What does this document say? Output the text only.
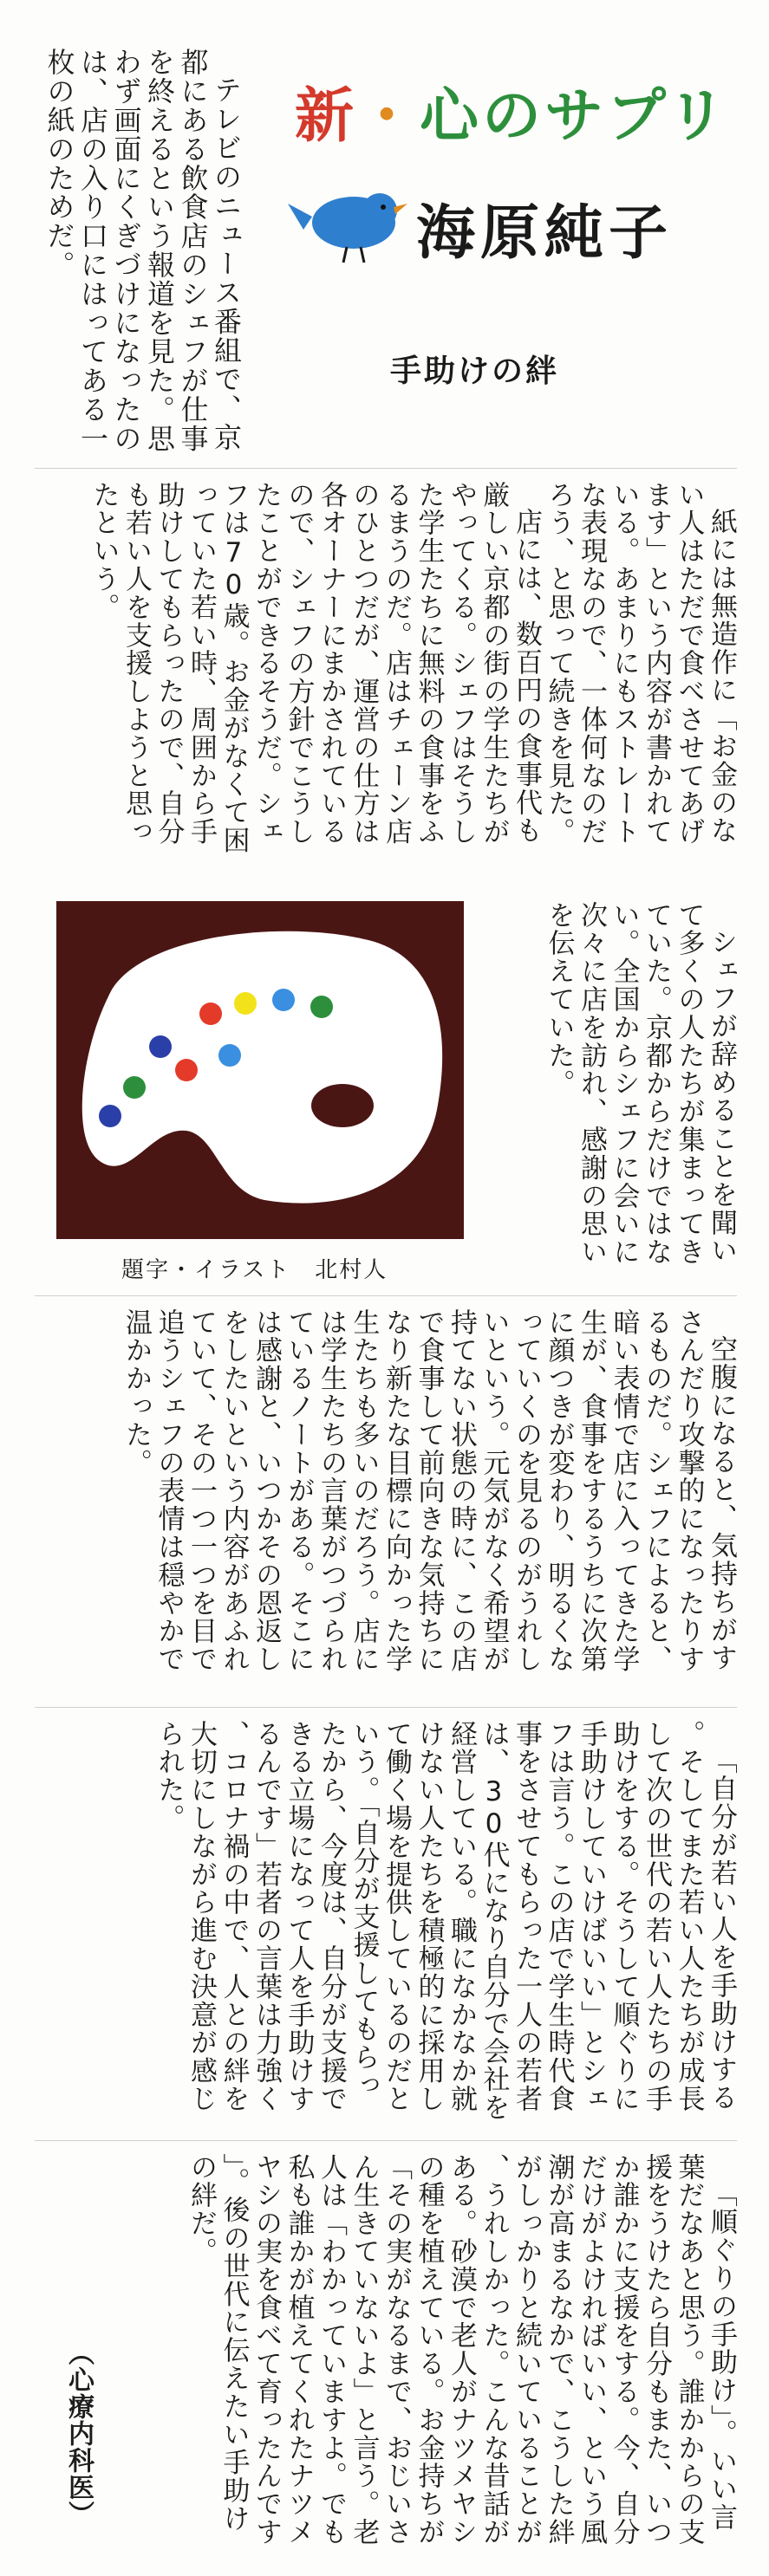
新・心のサプリ
海原純子
手助けの絆

テレビのニュース番組で、京都にある飲食店のシェフが仕事を終えるという報道を見た。思わず画面にくぎづけになったのは、店の入り口にはってある一枚の紙のためだ。

紙には無造作に「お金のない人はただで食べさせてあげます」という内容が書かれている。あまりにもストレートな表現なので、一体何なのだろう、と思って続きを見た。

店には、数百円の食事代も厳しい京都の街の学生たちがやってくる。シェフはそうした学生たちに無料の食事をふるまうのだ。店はチェーン店のひとつだが、運営の仕方は各オーナーにまかされているので、シェフの方針でこうしたことができるそうだ。シェフは70歳。お金がなくて困っていた若い時、周囲から手助けしてもらったので、自分も若い人を支援しようと思ったという。

シェフが辞めることを聞いて多くの人たちが集まってきていた。京都からだけではない。全国からシェフに会いに次々に店を訪れ、感謝の思いを伝えていた。

題字・イラスト　北村人

空腹になると、気持ちがすさんだり攻撃的になったりするものだ。シェフによると、暗い表情で店に入ってきた学生が、食事をするうちに次第に顔つきが変わり、明るくなっていくのを見るのがうれしいという。元気がなく希望が持てない状態の時に、この店で食事して前向きな気持ちになり新たな目標に向かった学生たちも多いのだろう。店には学生たちの言葉がつづられているノートがある。そこには感謝と、いつかその恩返しをしたいという内容があふれていて、その一つ一つを目で追うシェフの表情は穏やかで温かかった。

「自分が若い人を手助けする。そしてまた若い人たちが成長して次の世代の若い人たちの手助けをする。そうして順ぐりに手助けしていけばいい」とシェフは言う。この店で学生時代食事をさせてもらった一人の若者は、30代になり自分で会社を経営している。職になかなか就けない人たちを積極的に採用して働く場を提供しているのだという。「自分が支援してもらったから、今度は、自分が支援できる立場になって人を手助けするんです」若者の言葉は力強く、コロナ禍の中で、人との絆を大切にしながら進む決意が感じられた。

「順ぐりの手助け」。いい言葉だなあと思う。誰かからの支援をうけたら自分もまた、いつか誰かに支援をする。今、自分だけがよければいい、という風潮が高まるなかで、こうした絆がしっかりと続いていることが、うれしかった。こんな昔話がある。砂漠で老人がナツメヤシの種を植えている。お金持ちが「その実がなるまで、おじいさん生きていないよ」と言う。老人は「わかっていますよ。でも私も誰かが植えてくれたナツメヤシの実を食べて育ったんです」。後の世代に伝えたい手助けの絆だ。

（心療内科医）
